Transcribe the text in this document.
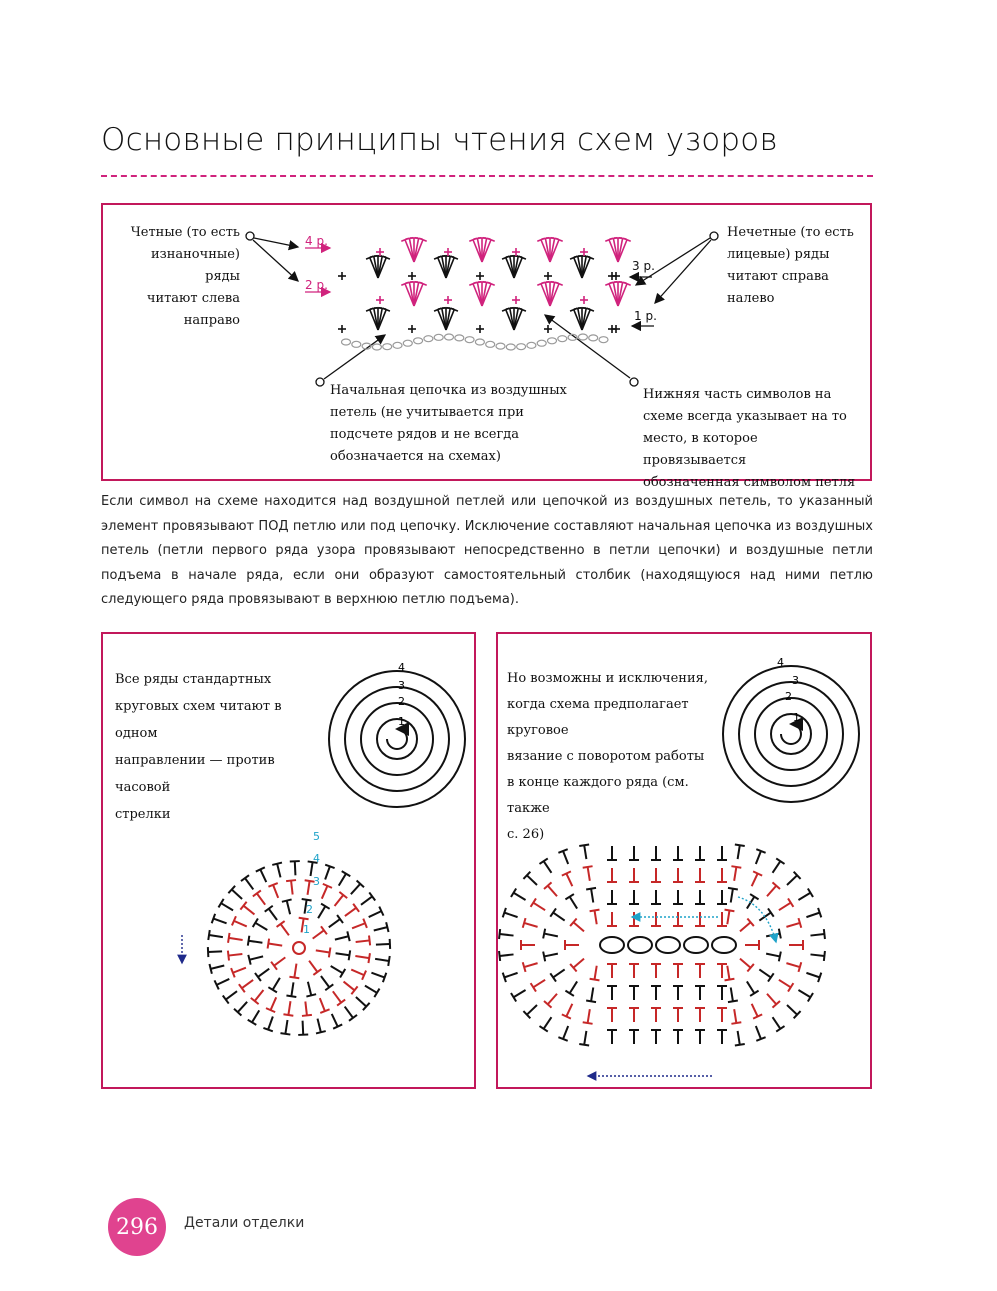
Основные принципы чтения схем узоров
Четные (то есть
изнаночные) ряды
читают слева
направо
Нечетные (то есть
лицевые) ряды
читают справа налево
Начальная цепочка из воздушных
петель (не учитывается при
подсчете рядов и не всегда
обозначается на схемах)
Нижняя часть символов на
схеме всегда указывает на то
место, в которое провязывается
обозначенная символом петля
4 р.
2 р.
3 р.
1 р.
Если символ на схеме находится над воздушной петлей или цепочкой из воздушных петель, то указанный элемент провязывают ПОД петлю или под цепочку. Исключение составляют начальная цепочка из воздушных петель (петли первого ряда узора провязывают непосредственно в петли цепочки) и воздушные петли подъема в начале ряда, если они образуют самостоятельный столбик (находящуюся над ними петлю следующего ряда провязывают в верхнюю петлю подъема).
Все ряды стандартных
круговых схем читают в одном
направлении — против часовой
стрелки
Но возможны и исключения,
когда схема предполагает круговое
вязание с поворотом работы
в конце каждого ряда (см. также
с. 26)
4
3
2
1
4
3
2
1
5
4
3
2
1
296	Детали отделки
